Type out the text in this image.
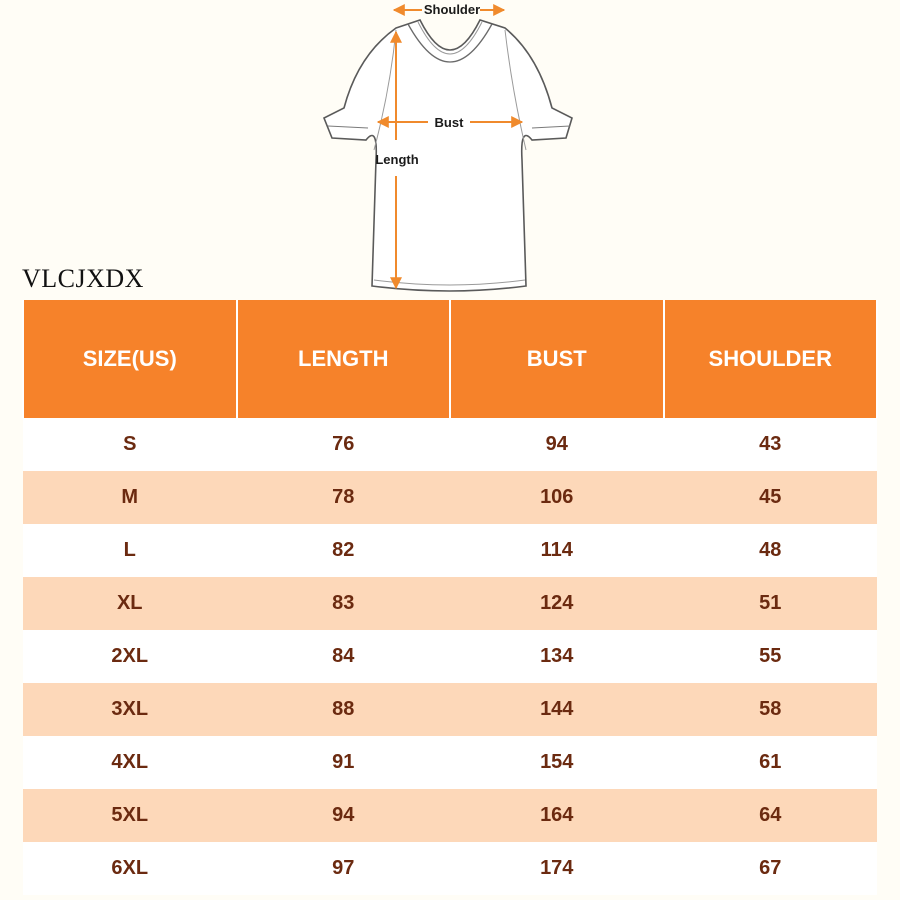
Shoulder
Bust
Length
VLCJXDX
SIZE(US)	LENGTH	BUST	SHOULDER
S	76	94	43
M	78	106	45
L	82	114	48
XL	83	124	51
2XL	84	134	55
3XL	88	144	58
4XL	91	154	61
5XL	94	164	64
6XL	97	174	67
